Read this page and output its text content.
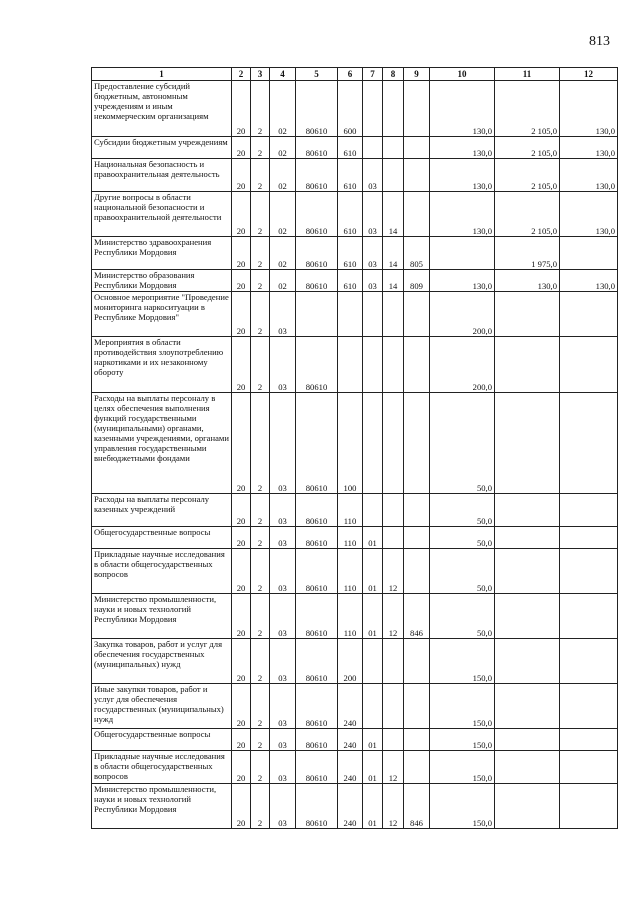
813
1	2	3	4	5	6	7	8	9	10	11	12
Предоставление субсидий бюджетным, автономным учреждениям и иным некоммерческим организациям	20	2	02	80610	600				130,0	2 105,0	130,0
Субсидии бюджетным учреждениям	20	2	02	80610	610				130,0	2 105,0	130,0
Национальная безопасность и правоохранительная деятельность	20	2	02	80610	610	03			130,0	2 105,0	130,0
Другие вопросы в области национальной безопасности и правоохранительной деятельности	20	2	02	80610	610	03	14		130,0	2 105,0	130,0
Министерство здравоохранения Республики Мордовия	20	2	02	80610	610	03	14	805		1 975,0	
Министерство образования Республики Мордовия	20	2	02	80610	610	03	14	809	130,0	130,0	130,0
Основное мероприятие "Проведение мониторинга наркоситуации в Республике Мордовия"	20	2	03						200,0		
Мероприятия в области противодействия злоупотреблению наркотиками и их незаконному обороту	20	2	03	80610					200,0		
Расходы на выплаты персоналу в целях обеспечения выполнения функций государственными (муниципальными) органами, казенными учреждениями, органами управления государственными внебюджетными фондами	20	2	03	80610	100				50,0		
Расходы на выплаты персоналу казенных учреждений	20	2	03	80610	110				50,0		
Общегосударственные вопросы	20	2	03	80610	110	01			50,0		
Прикладные научные исследования в области общегосударственных вопросов	20	2	03	80610	110	01	12		50,0		
Министерство промышленности, науки и новых технологий Республики Мордовия	20	2	03	80610	110	01	12	846	50,0		
Закупка товаров, работ и услуг для обеспечения государственных (муниципальных) нужд	20	2	03	80610	200				150,0		
Иные закупки товаров, работ и услуг для обеспечения государственных (муниципальных) нужд	20	2	03	80610	240				150,0		
Общегосударственные вопросы	20	2	03	80610	240	01			150,0		
Прикладные научные исследования в области общегосударственных вопросов	20	2	03	80610	240	01	12		150,0		
Министерство промышленности, науки и новых технологий Республики Мордовия	20	2	03	80610	240	01	12	846	150,0		
